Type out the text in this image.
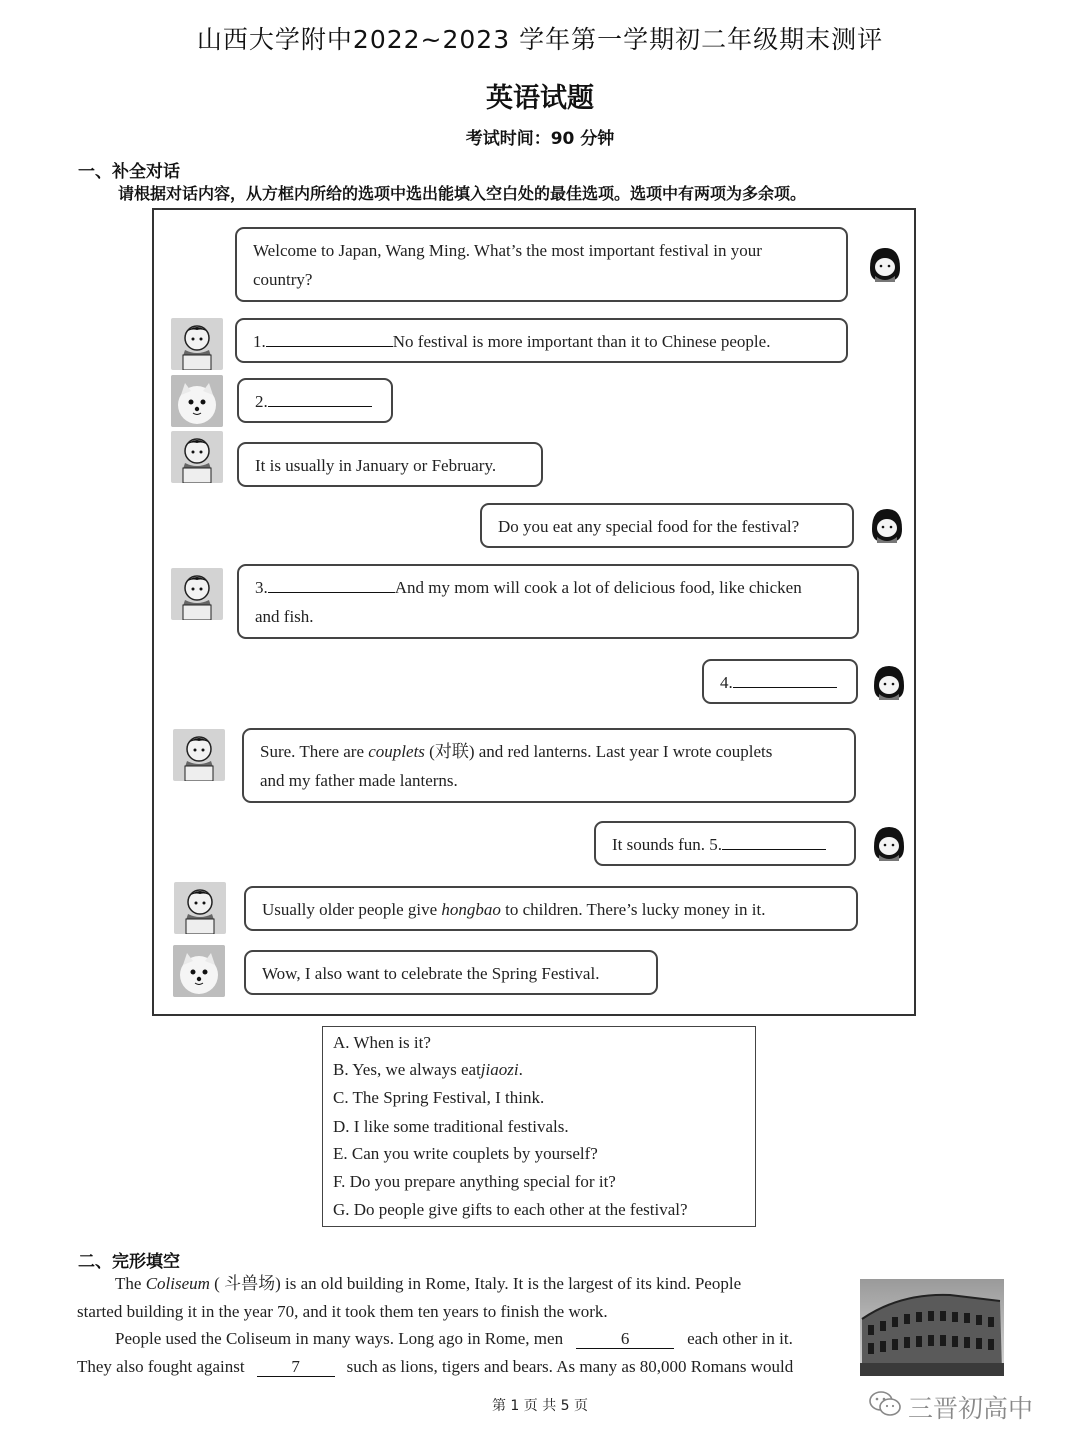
山西大学附中2022~2023 学年第一学期初二年级期末测评
英语试题
考试时间：90 分钟
一、补全对话
请根据对话内容，从方框内所给的选项中选出能填入空白处的最佳选项。选项中有两项为多余项。
Welcome to Japan, Wang Ming. What’s the most important festival in your
country?
1.	No festival is more important than it to Chinese people.
2.
It is usually in January or February.
Do you eat any special food for the festival?
3.	And my mom will cook a lot of delicious food, like chicken
and fish.
4.
Sure. There are couplets (对联) and red lanterns. Last year I wrote couplets
and my father made lanterns.
It sounds fun. 5.
Usually older people give hongbao to children. There’s lucky money in it.
Wow, I also want to celebrate the Spring Festival.
A. When is it?
B. Yes, we always eatjiaozi.
C. The Spring Festival, I think.
D. I like some traditional festivals.
E. Can you write couplets by yourself?
F. Do you prepare anything special for it?
G. Do people give gifts to each other at the festival?
二、完形填空
The Coliseum ( 斗兽场) is an old building in Rome, Italy. It is the largest of its kind. People
started building it in the year 70, and it took them ten years to finish the work.
People used the Coliseum in many ways. Long ago in Rome, men	6	each other in it.
They also fought against	7	such as lions, tigers and bears. As many as 80,000 Romans would
第 1 页 共 5 页	三晋初高中
